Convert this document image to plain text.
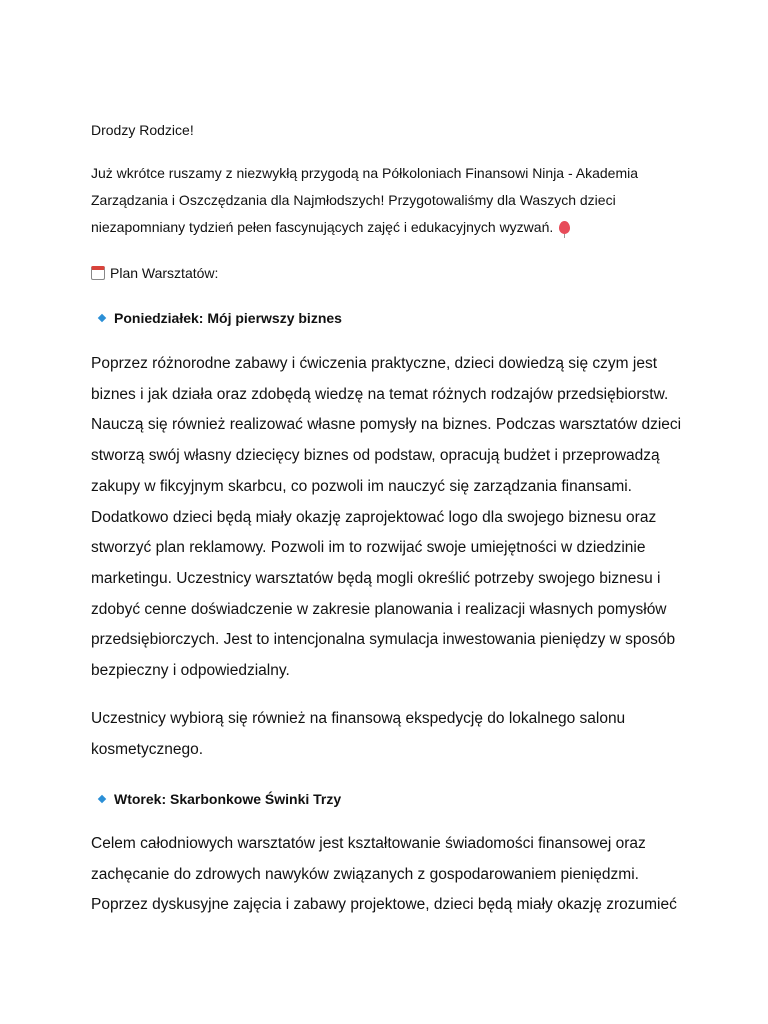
Drodzy Rodzice!

Już wkrótce ruszamy z niezwykłą przygodą na Półkoloniach Finansowi Ninja - Akademia Zarządzania i Oszczędzania dla Najmłodszych! Przygotowaliśmy dla Waszych dzieci niezapomniany tydzień pełen fascynujących zajęć i edukacyjnych wyzwań.

Plan Warsztatów:

Poniedziałek: Mój pierwszy biznes

Poprzez różnorodne zabawy i ćwiczenia praktyczne, dzieci dowiedzą się czym jest biznes i jak działa oraz zdobędą wiedzę na temat różnych rodzajów przedsiębiorstw. Nauczą się również realizować własne pomysły na biznes. Podczas warsztatów dzieci stworzą swój własny dziecięcy biznes od podstaw, opracują budżet i przeprowadzą zakupy w fikcyjnym skarbcu, co pozwoli im nauczyć się zarządzania finansami. Dodatkowo dzieci będą miały okazję zaprojektować logo dla swojego biznesu oraz stworzyć plan reklamowy. Pozwoli im to rozwijać swoje umiejętności w dziedzinie marketingu. Uczestnicy warsztatów będą mogli określić potrzeby swojego biznesu i zdobyć cenne doświadczenie w zakresie planowania i realizacji własnych pomysłów przedsiębiorczych. Jest to intencjonalna symulacja inwestowania pieniędzy w sposób bezpieczny i odpowiedzialny.

Uczestnicy wybiorą się również na finansową ekspedycję do lokalnego salonu kosmetycznego.

Wtorek: Skarbonkowe Świnki Trzy

Celem całodniowych warsztatów jest kształtowanie świadomości finansowej oraz zachęcanie do zdrowych nawyków związanych z gospodarowaniem pieniędzmi. Poprzez dyskusyjne zajęcia i zabawy projektowe, dzieci będą miały okazję zrozumieć
